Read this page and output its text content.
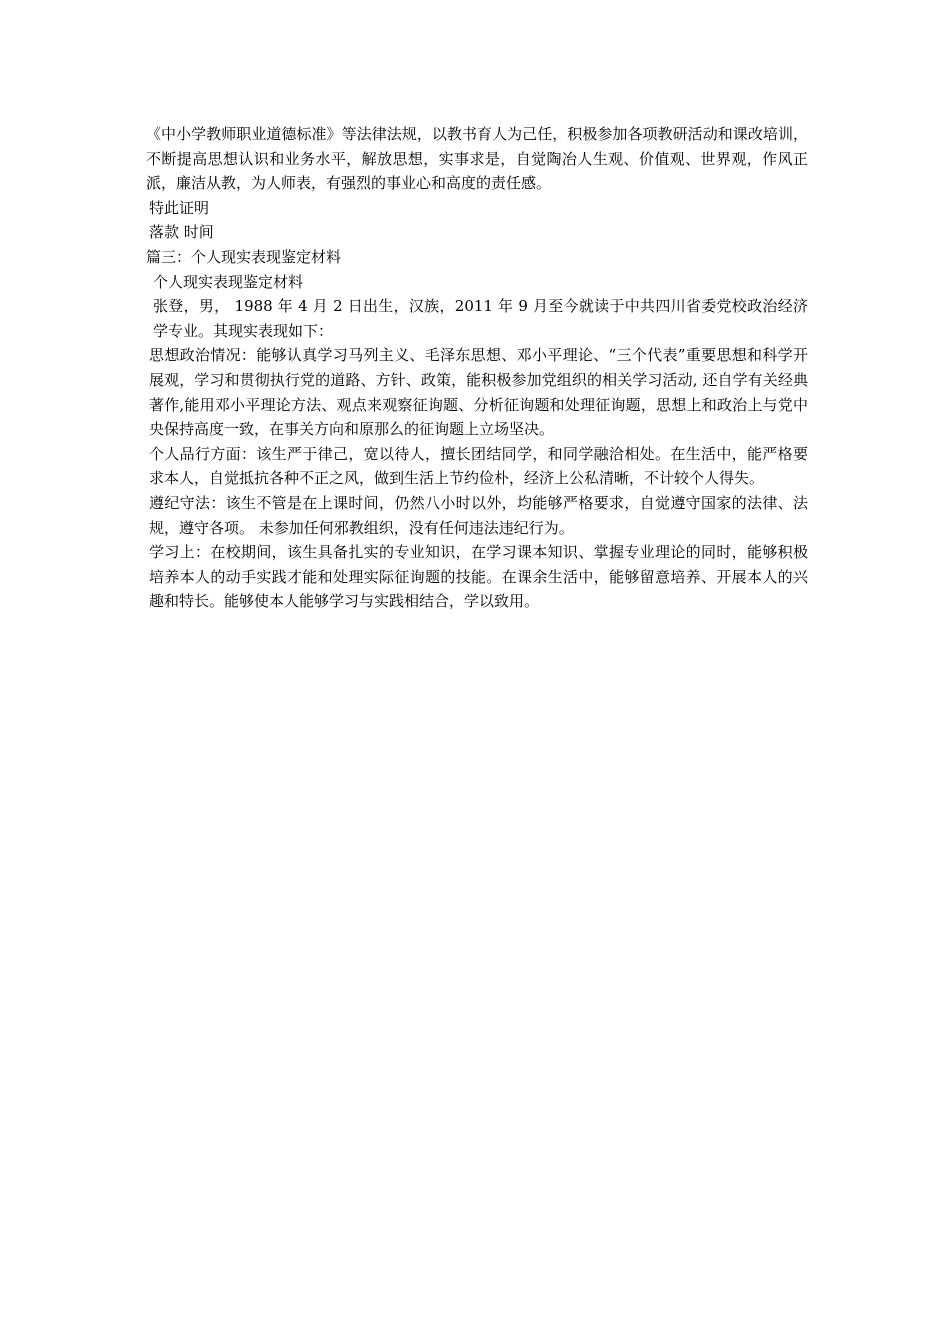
《中小学教师职业道德标准》等法律法规，以教书育人为己任，积极参加各项教研活动和课改培训，不断提高思想认识和业务水平，解放思想，实事求是，自觉陶冶人生观、价值观、世界观，作风正派，廉洁从教，为人师表，有强烈的事业心和高度的责任感。

特此证明

落款 时间

篇三：个人现实表现鉴定材料

个人现实表现鉴定材料

张登，男， 1988 年 4 月 2 日出生，汉族，2011 年 9 月至今就读于中共四川省委党校政治经济学专业。其现实表现如下：

思想政治情况：能够认真学习马列主义、毛泽东思想、邓小平理论、“三个代表”重要思想和科学开展观，学习和贯彻执行党的道路、方针、政策，能积极参加党组织的相关学习活动, 还自学有关经典著作,能用邓小平理论方法、观点来观察征询题、分析征询题和处理征询题，思想上和政治上与党中央保持高度一致，在事关方向和原那么的征询题上立场坚决。

个人品行方面：该生严于律己，宽以待人，擅长团结同学，和同学融洽相处。在生活中，能严格要求本人，自觉抵抗各种不正之风，做到生活上节约俭朴，经济上公私清晰，不计较个人得失。

遵纪守法：该生不管是在上课时间，仍然八小时以外，均能够严格要求，自觉遵守国家的法律、法规，遵守各项。 未参加任何邪教组织，没有任何违法违纪行为。

学习上：在校期间，该生具备扎实的专业知识，在学习课本知识、掌握专业理论的同时，能够积极培养本人的动手实践才能和处理实际征询题的技能。在课余生活中，能够留意培养、开展本人的兴趣和特长。能够使本人能够学习与实践相结合，学以致用。
